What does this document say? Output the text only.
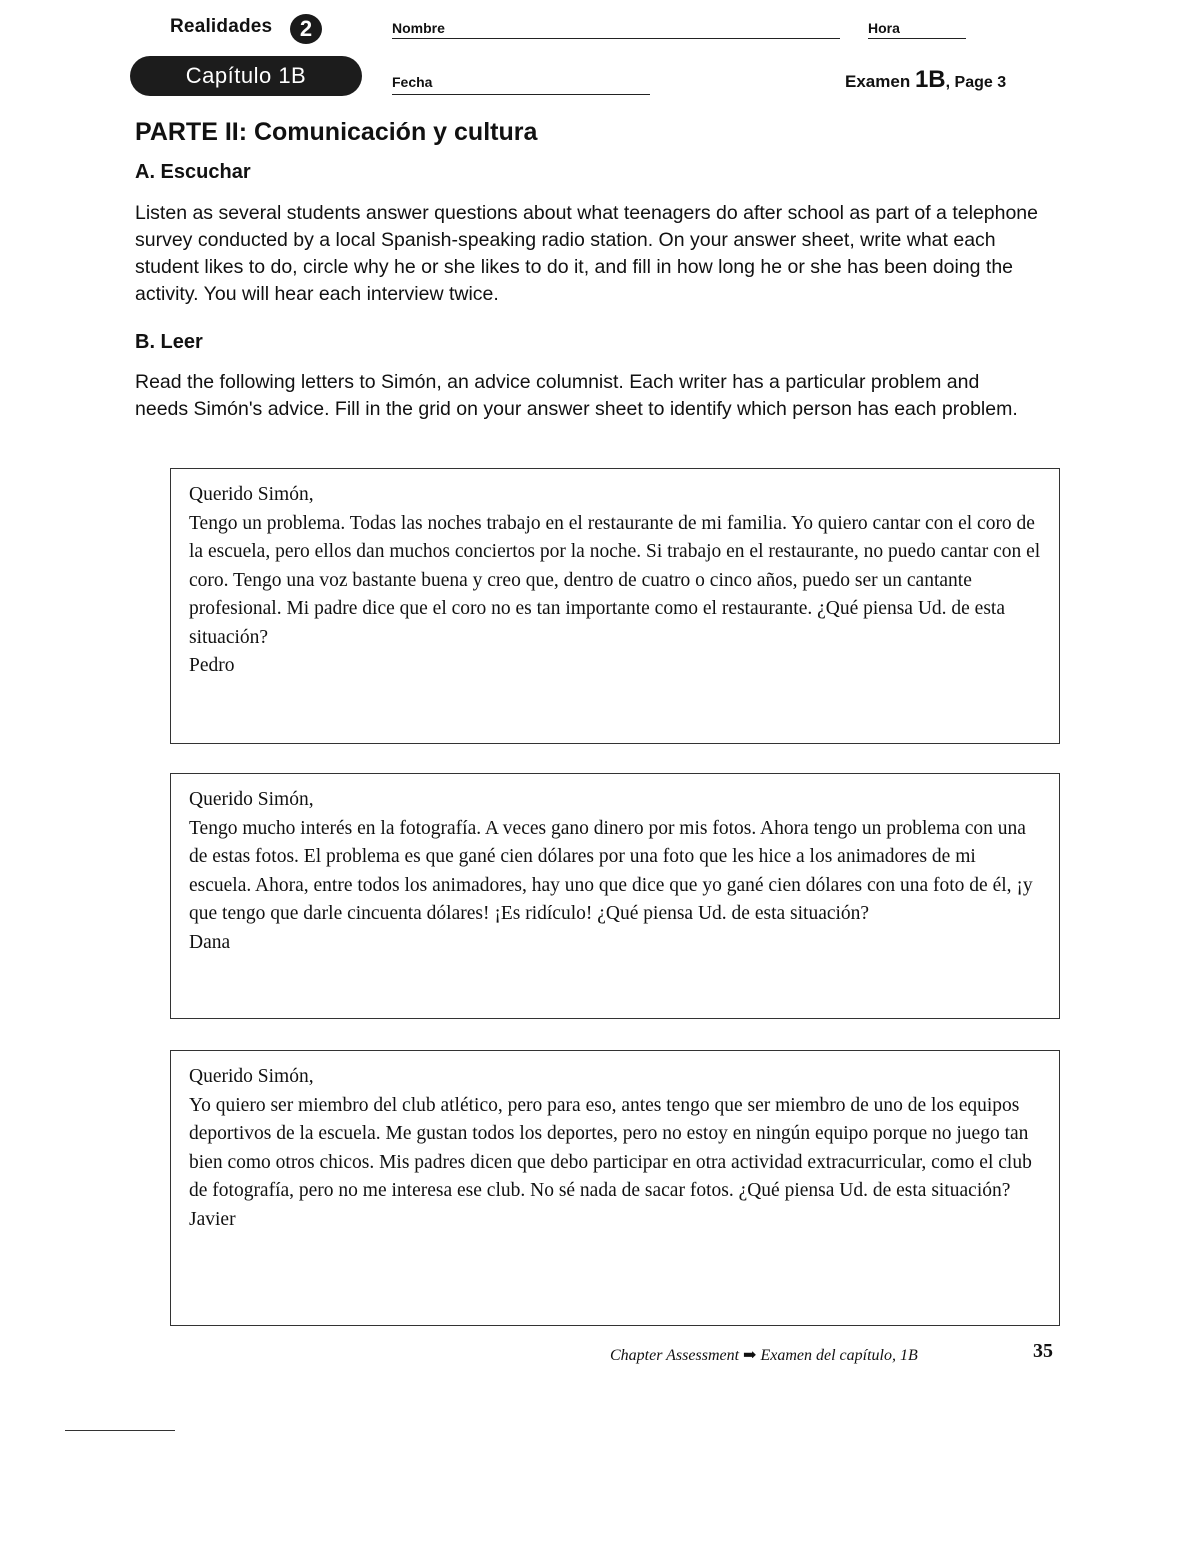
Realidades	2
Capítulo 1B
Nombre	Hora
Fecha	Examen 1B, Page 3
PARTE II: Comunicación y cultura
A. Escuchar
Listen as several students answer questions about what teenagers do after school as part of a telephone survey conducted by a local Spanish-speaking radio station. On your answer sheet, write what each student likes to do, circle why he or she likes to do it, and fill in how long he or she has been doing the activity. You will hear each interview twice.
B. Leer
Read the following letters to Simón, an advice columnist. Each writer has a particular problem and needs Simón's advice. Fill in the grid on your answer sheet to identify which person has each problem.

Querido Simón,

Tengo un problema. Todas las noches trabajo en el restaurante de mi familia. Yo quiero cantar con el coro de la escuela, pero ellos dan muchos conciertos por la noche. Si trabajo en el restaurante, no puedo cantar con el coro. Tengo una voz bastante buena y creo que, dentro de cuatro o cinco años, puedo ser un cantante profesional. Mi padre dice que el coro no es tan importante como el restaurante. ¿Qué piensa Ud. de esta situación?

Pedro

Querido Simón,

Tengo mucho interés en la fotografía. A veces gano dinero por mis fotos. Ahora tengo un problema con una de estas fotos. El problema es que gané cien dólares por una foto que les hice a los animadores de mi escuela. Ahora, entre todos los animadores, hay uno que dice que yo gané cien dólares con una foto de él, ¡y que tengo que darle cincuenta dólares! ¡Es ridículo! ¿Qué piensa Ud. de esta situación?

Dana

Querido Simón,

Yo quiero ser miembro del club atlético, pero para eso, antes tengo que ser miembro de uno de los equipos deportivos de la escuela. Me gustan todos los deportes, pero no estoy en ningún equipo porque no juego tan bien como otros chicos. Mis padres dicen que debo participar en otra actividad extracurricular, como el club de fotografía, pero no me interesa ese club. No sé nada de sacar fotos. ¿Qué piensa Ud. de esta situación?

Javier

Chapter Assessment ➡ Examen del capítulo, 1B	35
